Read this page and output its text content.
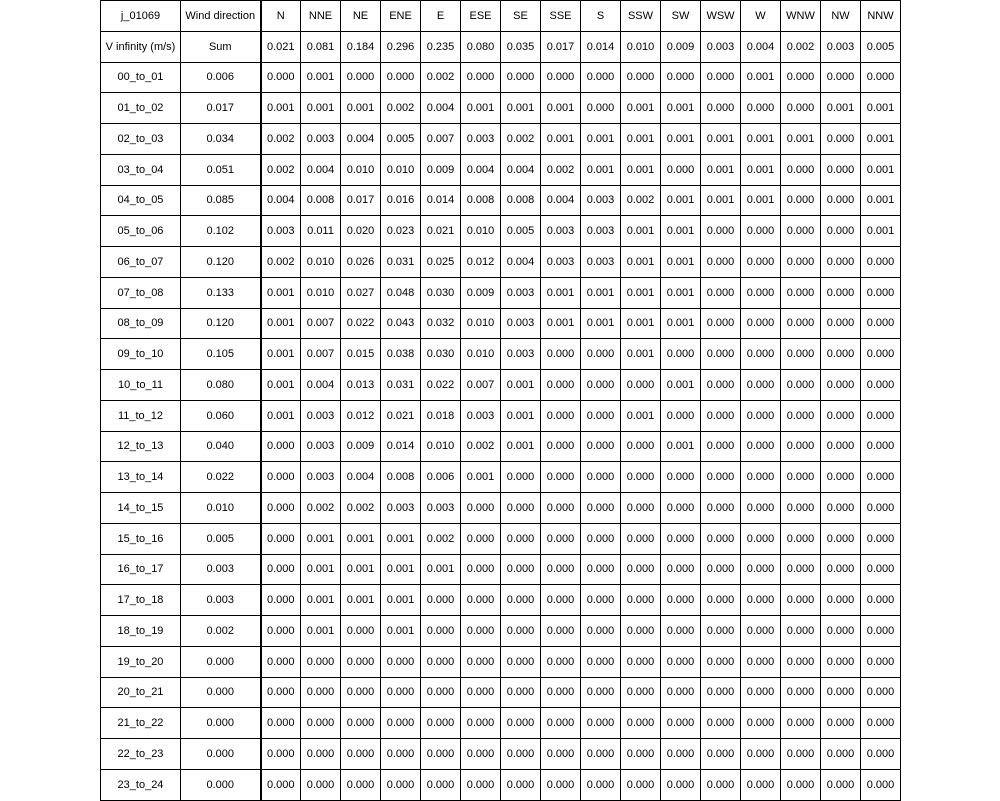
j_01069	Wind direction	N	NNE	NE	ENE	E	ESE	SE	SSE	S	SSW	SW	WSW	W	WNW	NW	NNW
V infinity (m/s)	Sum	0.021	0.081	0.184	0.296	0.235	0.080	0.035	0.017	0.014	0.010	0.009	0.003	0.004	0.002	0.003	0.005
00_to_01	0.006	0.000	0.001	0.000	0.000	0.002	0.000	0.000	0.000	0.000	0.000	0.000	0.000	0.001	0.000	0.000	0.000
01_to_02	0.017	0.001	0.001	0.001	0.002	0.004	0.001	0.001	0.001	0.000	0.001	0.001	0.000	0.000	0.000	0.001	0.001
02_to_03	0.034	0.002	0.003	0.004	0.005	0.007	0.003	0.002	0.001	0.001	0.001	0.001	0.001	0.001	0.001	0.000	0.001
03_to_04	0.051	0.002	0.004	0.010	0.010	0.009	0.004	0.004	0.002	0.001	0.001	0.000	0.001	0.001	0.000	0.000	0.001
04_to_05	0.085	0.004	0.008	0.017	0.016	0.014	0.008	0.008	0.004	0.003	0.002	0.001	0.001	0.001	0.000	0.000	0.001
05_to_06	0.102	0.003	0.011	0.020	0.023	0.021	0.010	0.005	0.003	0.003	0.001	0.001	0.000	0.000	0.000	0.000	0.001
06_to_07	0.120	0.002	0.010	0.026	0.031	0.025	0.012	0.004	0.003	0.003	0.001	0.001	0.000	0.000	0.000	0.000	0.000
07_to_08	0.133	0.001	0.010	0.027	0.048	0.030	0.009	0.003	0.001	0.001	0.001	0.001	0.000	0.000	0.000	0.000	0.000
08_to_09	0.120	0.001	0.007	0.022	0.043	0.032	0.010	0.003	0.001	0.001	0.001	0.001	0.000	0.000	0.000	0.000	0.000
09_to_10	0.105	0.001	0.007	0.015	0.038	0.030	0.010	0.003	0.000	0.000	0.001	0.000	0.000	0.000	0.000	0.000	0.000
10_to_11	0.080	0.001	0.004	0.013	0.031	0.022	0.007	0.001	0.000	0.000	0.000	0.001	0.000	0.000	0.000	0.000	0.000
11_to_12	0.060	0.001	0.003	0.012	0.021	0.018	0.003	0.001	0.000	0.000	0.001	0.000	0.000	0.000	0.000	0.000	0.000
12_to_13	0.040	0.000	0.003	0.009	0.014	0.010	0.002	0.001	0.000	0.000	0.000	0.001	0.000	0.000	0.000	0.000	0.000
13_to_14	0.022	0.000	0.003	0.004	0.008	0.006	0.001	0.000	0.000	0.000	0.000	0.000	0.000	0.000	0.000	0.000	0.000
14_to_15	0.010	0.000	0.002	0.002	0.003	0.003	0.000	0.000	0.000	0.000	0.000	0.000	0.000	0.000	0.000	0.000	0.000
15_to_16	0.005	0.000	0.001	0.001	0.001	0.002	0.000	0.000	0.000	0.000	0.000	0.000	0.000	0.000	0.000	0.000	0.000
16_to_17	0.003	0.000	0.001	0.001	0.001	0.001	0.000	0.000	0.000	0.000	0.000	0.000	0.000	0.000	0.000	0.000	0.000
17_to_18	0.003	0.000	0.001	0.001	0.001	0.000	0.000	0.000	0.000	0.000	0.000	0.000	0.000	0.000	0.000	0.000	0.000
18_to_19	0.002	0.000	0.001	0.000	0.001	0.000	0.000	0.000	0.000	0.000	0.000	0.000	0.000	0.000	0.000	0.000	0.000
19_to_20	0.000	0.000	0.000	0.000	0.000	0.000	0.000	0.000	0.000	0.000	0.000	0.000	0.000	0.000	0.000	0.000	0.000
20_to_21	0.000	0.000	0.000	0.000	0.000	0.000	0.000	0.000	0.000	0.000	0.000	0.000	0.000	0.000	0.000	0.000	0.000
21_to_22	0.000	0.000	0.000	0.000	0.000	0.000	0.000	0.000	0.000	0.000	0.000	0.000	0.000	0.000	0.000	0.000	0.000
22_to_23	0.000	0.000	0.000	0.000	0.000	0.000	0.000	0.000	0.000	0.000	0.000	0.000	0.000	0.000	0.000	0.000	0.000
23_to_24	0.000	0.000	0.000	0.000	0.000	0.000	0.000	0.000	0.000	0.000	0.000	0.000	0.000	0.000	0.000	0.000	0.000
